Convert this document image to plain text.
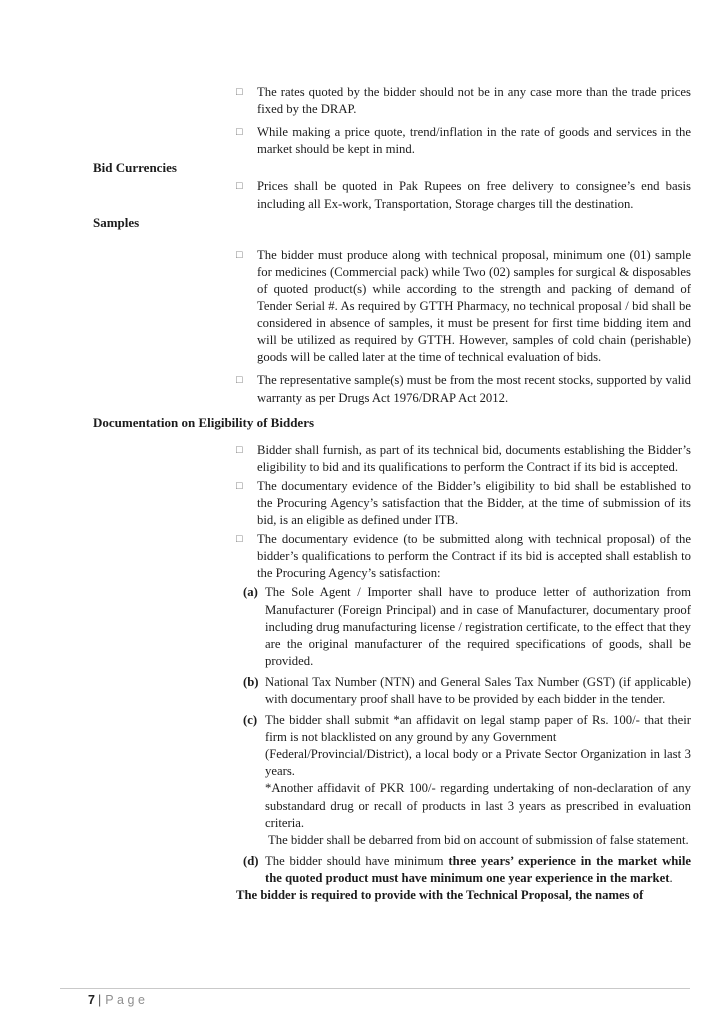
□	The rates quoted by the bidder should not be in any case more than the trade prices fixed by the DRAP.

□	While making a price quote, trend/inflation in the rate of goods and services in the market should be kept in mind.

Bid Currencies
□	Prices shall be quoted in Pak Rupees on free delivery to consignee’s end basis including all Ex-work, Transportation, Storage charges till the destination.

Samples
□	The bidder must produce along with technical proposal, minimum one (01) sample for medicines (Commercial pack) while Two (02) samples for surgical & disposables of quoted product(s) while according to the strength and packing of demand of Tender Serial #. As required by GTTH Pharmacy, no technical proposal / bid shall be considered in absence of samples, it must be present for first time bidding item and will be utilized as required by GTTH. However, samples of cold chain (perishable) goods will be called later at the time of technical evaluation of bids.

□	The representative sample(s) must be from the most recent stocks, supported by valid warranty as per Drugs Act 1976/DRAP Act 2012.

Documentation on Eligibility of Bidders
□	Bidder shall furnish, as part of its technical bid, documents establishing the Bidder’s eligibility to bid and its qualifications to perform the Contract if its bid is accepted.

□	The documentary evidence of the Bidder’s eligibility to bid shall be established to the Procuring Agency’s satisfaction that the Bidder, at the time of submission of its bid, is an eligible as defined under ITB.

□	The documentary evidence (to be submitted along with technical proposal) of the bidder’s qualifications to perform the Contract if its bid is accepted shall establish to the Procuring Agency’s satisfaction:

(a) The Sole Agent / Importer shall have to produce letter of authorization from Manufacturer (Foreign Principal) and in case of Manufacturer, documentary proof including drug manufacturing license / registration certificate, to the effect that they are the original manufacturer of the required specifications of goods, shall be provided.

(b) National Tax Number (NTN) and General Sales Tax Number (GST) (if applicable) with documentary proof shall have to be provided by each bidder in the tender.

(c) The bidder shall submit *an affidavit on legal stamp paper of Rs. 100/- that their firm is not blacklisted on any ground by any Government

(Federal/Provincial/District), a local body or a Private Sector Organization in last 3 years.

*Another affidavit of PKR 100/- regarding undertaking of non-declaration of any substandard drug or recall of products in last 3 years as prescribed in evaluation criteria.

The bidder shall be debarred from bid on account of submission of false statement.

(d) The bidder should have minimum three years’ experience in the market while the quoted product must have minimum one year experience in the market.

The bidder is required to provide with the Technical Proposal, the names of

7 | Page
